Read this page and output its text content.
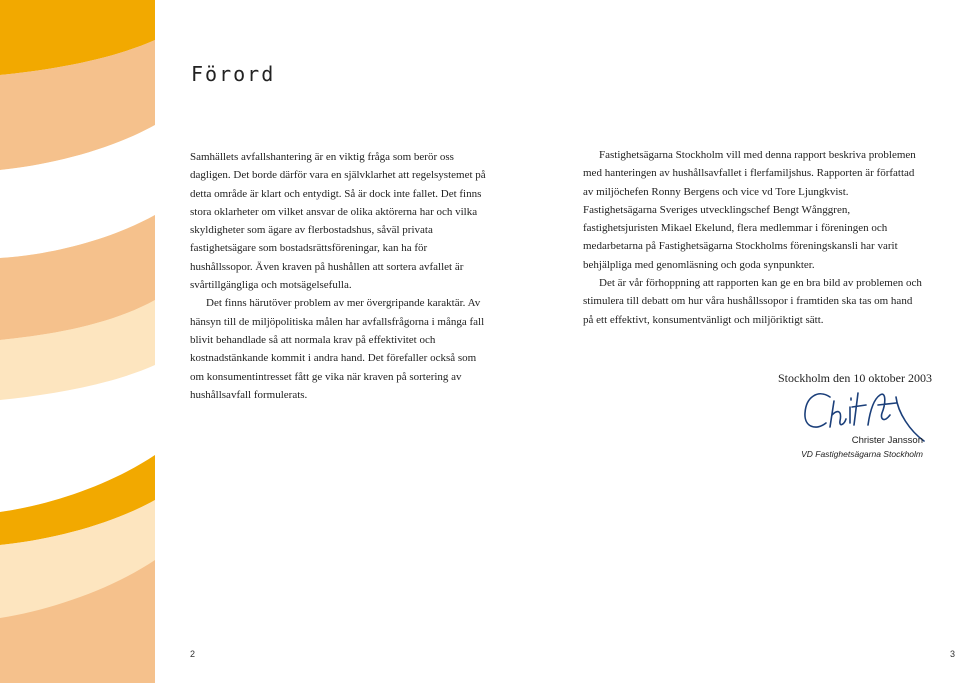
Förord

Samhällets avfallshantering är en viktig fråga som berör oss dagligen. Det borde därför vara en självklarhet att regelsystemet på detta område är klart och entydigt. Så är dock inte fallet. Det finns stora oklarheter om vilket ansvar de olika aktörerna har och vilka skyldigheter som ägare av flerbostadshus, såväl privata fastighetsägare som bostadsrättsföreningar, kan ha för hushållssopor. Även kraven på hushållen att sortera avfallet är svårtillgängliga och motsägelsefulla.

Det finns härutöver problem av mer övergripande karaktär. Av hänsyn till de miljöpolitiska målen har avfallsfrågorna i många fall blivit behandlade så att normala krav på effektivitet och kostnadstänkande kommit i andra hand. Det förefaller också som om konsumentintresset fått ge vika när kraven på sortering av hushållsavfall formulerats.

Fastighetsägarna Stockholm vill med denna rapport beskriva problemen med hanteringen av hushållsavfallet i flerfamiljshus. Rapporten är författad av miljöchefen Ronny Bergens och vice vd Tore Ljungkvist. Fastighetsägarna Sveriges utvecklingschef Bengt Wånggren, fastighetsjuristen Mikael Ekelund, flera medlemmar i föreningen och medarbetarna på Fastighetsägarna Stockholms föreningskansli har varit behjälpliga med genomläsning och goda synpunkter.

Det är vår förhoppning att rapporten kan ge en bra bild av problemen och stimulera till debatt om hur våra hushållssopor i framtiden ska tas om hand på ett effektivt, konsumentvänligt och miljöriktigt sätt.

Stockholm den 10 oktober 2003
Christer Jansson
VD Fastighetsägarna Stockholm
2	3
